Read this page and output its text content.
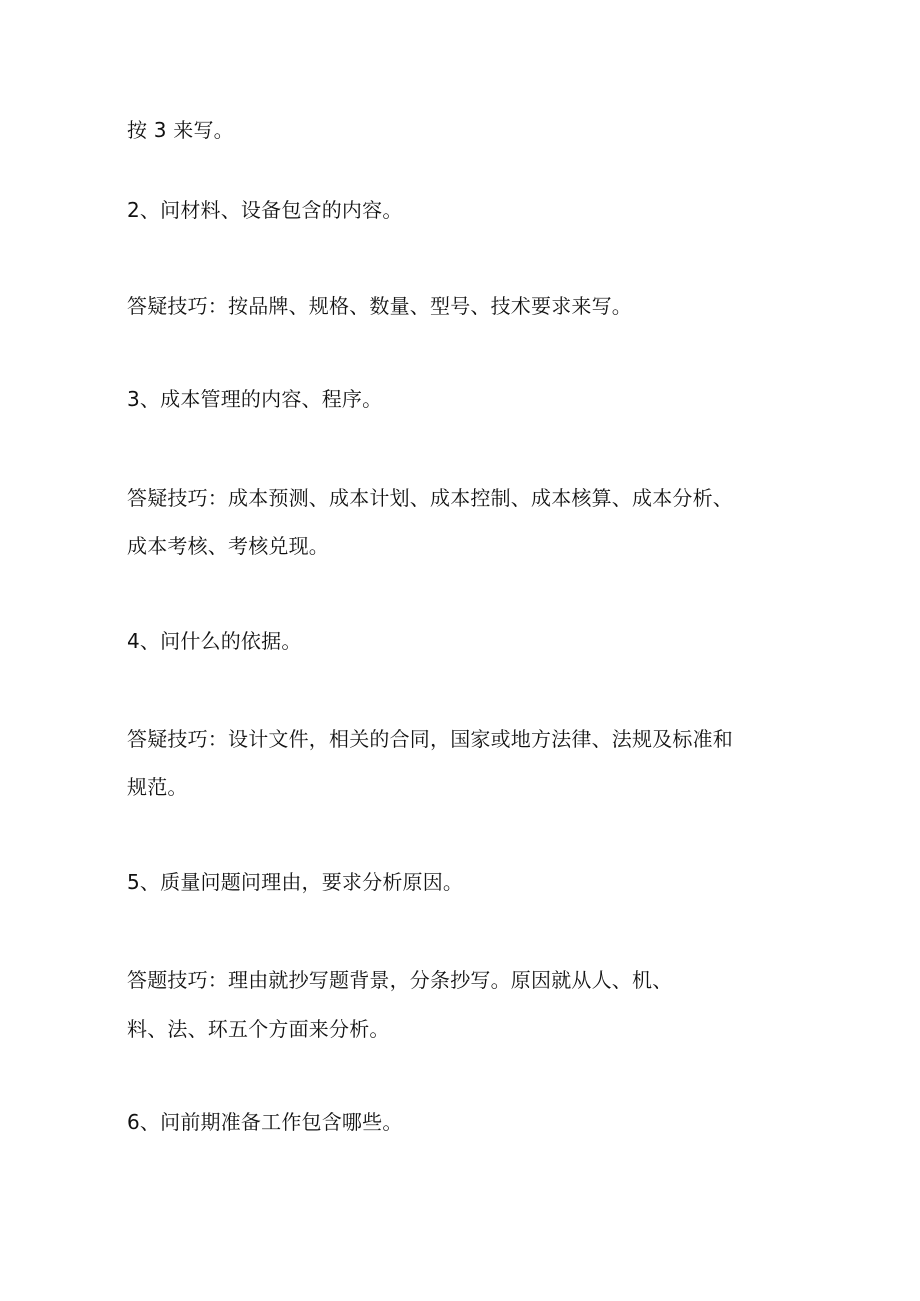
按 3 来写。
2、问材料、设备包含的内容。
答疑技巧：按品牌、规格、数量、型号、技术要求来写。
3、成本管理的内容、程序。
答疑技巧：成本预测、成本计划、成本控制、成本核算、成本分析、
成本考核、考核兑现。
4、问什么的依据。
答疑技巧：设计文件，相关的合同，国家或地方法律、法规及标准和
规范。
5、质量问题问理由，要求分析原因。
答题技巧：理由就抄写题背景，分条抄写。原因就从人、机、
料、法、环五个方面来分析。
6、问前期准备工作包含哪些。
